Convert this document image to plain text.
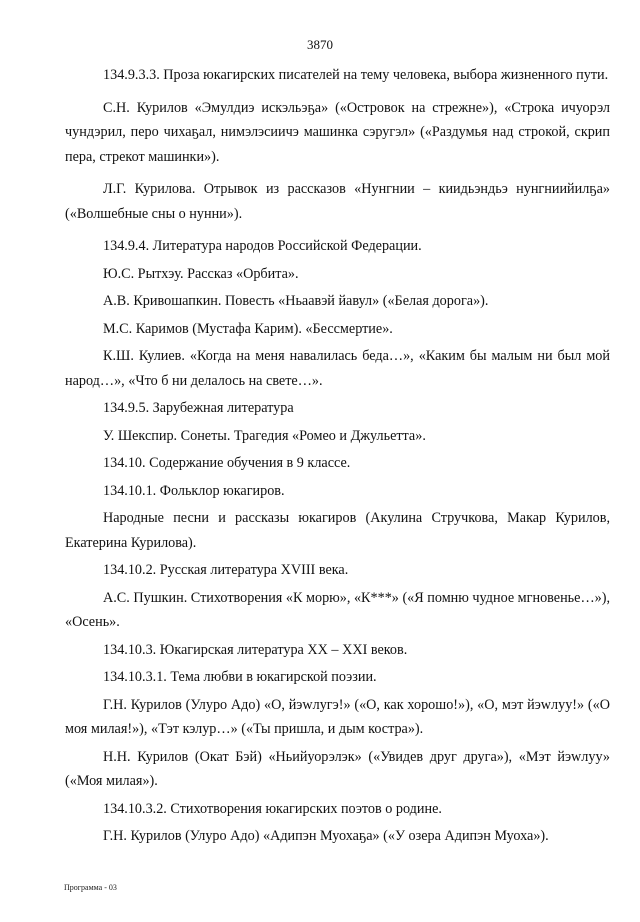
3870

134.9.3.3. Проза юкагирских писателей на тему человека, выбора жизненного пути.

С.Н. Курилов «Эмулдиэ искэльэҕа» («Островок на стрежне»), «Строка ичуорэл чундэрил, перо чихаҕал, нимэлэсиичэ машинка сэругэл» («Раздумья над строкой, скрип пера, стрекот машинки»).

Л.Г. Курилова. Отрывок из рассказов «Нунгнии – киидьэндьэ нунгниийилҕа» («Волшебные сны о нунни»).

134.9.4. Литература народов Российской Федерации.

Ю.С. Рытхэу. Рассказ «Орбита».

А.В. Кривошапкин. Повесть «Ньаавэй йавул» («Белая дорога»).

М.С. Каримов (Мустафа Карим). «Бессмертие».

К.Ш. Кулиев. «Когда на меня навалилась беда…», «Каким бы малым ни был мой народ…», «Что б ни делалось на свете…».

134.9.5. Зарубежная литература

У. Шекспир. Сонеты. Трагедия «Ромео и Джульетта».

134.10. Содержание обучения в 9 классе.

134.10.1. Фольклор юкагиров.

Народные песни и рассказы юкагиров (Акулина Стручкова, Макар Курилов, Екатерина Курилова).

134.10.2. Русская литература XVIII века.

А.С. Пушкин. Стихотворения «К морю», «К***» («Я помню чудное мгновенье…»), «Осень».

134.10.3. Юкагирская литература XX – XXI веков.

134.10.3.1. Тема любви в юкагирской поэзии.

Г.Н. Курилов (Улуро Адо) «О, йэwлугэ!» («О, как хорошо!»), «О, мэт йэwлуу!» («О моя милая!»), «Тэт кэлур…» («Ты пришла, и дым костра»).

Н.Н. Курилов (Окат Бэй) «Ньийуорэлэк» («Увидев друг друга»), «Мэт йэwлуу» («Моя милая»).

134.10.3.2. Стихотворения юкагирских поэтов о родине.

Г.Н. Курилов (Улуро Адо) «Адипэн Муохаҕа» («У озера Адипэн Муоха»).

Программа - 03
